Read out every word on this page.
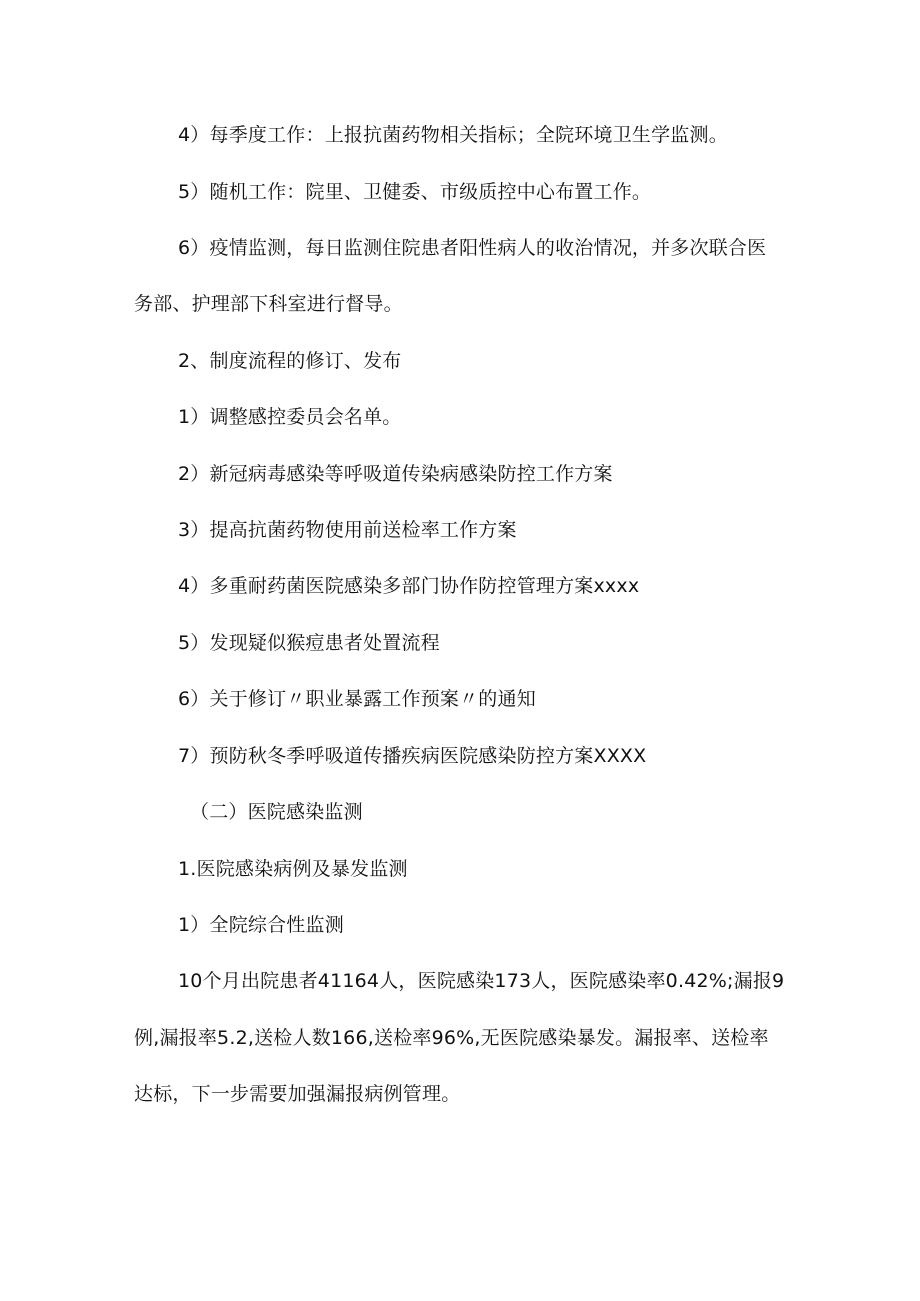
4）每季度工作：上报抗菌药物相关指标；全院环境卫生学监测。
5）随机工作：院里、卫健委、市级质控中心布置工作。
6）疫情监测，每日监测住院患者阳性病人的收治情况，并多次联合医
务部、护理部下科室进行督导。
2、制度流程的修订、发布
1）调整感控委员会名单。
2）新冠病毒感染等呼吸道传染病感染防控工作方案
3）提高抗菌药物使用前送检率工作方案
4）多重耐药菌医院感染多部门协作防控管理方案xxxx
5）发现疑似猴痘患者处置流程
6）关于修订〃职业暴露工作预案〃的通知
7）预防秋冬季呼吸道传播疾病医院感染防控方案XXXX
（二）医院感染监测
1.医院感染病例及暴发监测
1）全院综合性监测
10个月出院患者41164人，医院感染173人，医院感染率0.42%;漏报9
例,漏报率5.2,送检人数166,送检率96%,无医院感染暴发。漏报率、送检率
达标，下一步需要加强漏报病例管理。
